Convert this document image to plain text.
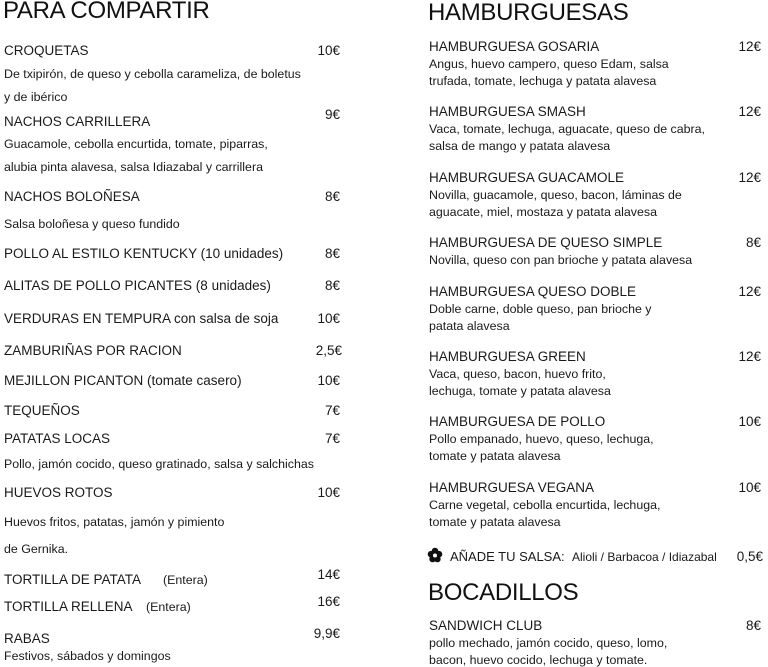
PARA COMPARTIR
CROQUETAS	10€
De txipirón, de queso y cebolla carameliza, de boletus
y de ibérico
NACHOS CARRILLERA	9€
Guacamole, cebolla encurtida, tomate, piparras,
alubia pinta alavesa, salsa Idiazabal y carrillera
NACHOS BOLOÑESA	8€
Salsa boloñesa y queso fundido
POLLO AL ESTILO KENTUCKY (10 unidades)	8€
ALITAS DE POLLO PICANTES (8 unidades)	8€
VERDURAS EN TEMPURA con salsa de soja	10€
ZAMBURIÑAS POR RACION	2,5€
MEJILLON PICANTON (tomate casero)	10€
TEQUEÑOS	7€
PATATAS LOCAS	7€
Pollo, jamón cocido, queso gratinado, salsa y salchichas
HUEVOS ROTOS	10€
Huevos fritos, patatas, jamón y pimiento
de Gernika.
TORTILLA DE PATATA (Entera)	14€
TORTILLA RELLENA (Entera)	16€
RABAS	9,9€
Festivos, sábados y domingos
HAMBURGUESAS
HAMBURGUESA GOSARIA	12€
Angus, huevo campero, queso Edam, salsa
trufada, tomate, lechuga y patata alavesa
HAMBURGUESA SMASH	12€
Vaca, tomate, lechuga, aguacate, queso de cabra,
salsa de mango y patata alavesa
HAMBURGUESA GUACAMOLE	12€
Novilla, guacamole, queso, bacon, láminas de
aguacate, miel, mostaza y patata alavesa
HAMBURGUESA DE QUESO SIMPLE	8€
Novilla, queso con pan brioche y patata alavesa
HAMBURGUESA QUESO DOBLE	12€
Doble carne, doble queso, pan brioche y
patata alavesa
HAMBURGUESA GREEN	12€
Vaca, queso, bacon, huevo frito,
lechuga, tomate y patata alavesa
HAMBURGUESA DE POLLO	10€
Pollo empanado, huevo, queso, lechuga,
tomate y patata alavesa
HAMBURGUESA VEGANA	10€
Carne vegetal, cebolla encurtida, lechuga,
tomate y patata alavesa
AÑADE TU SALSA: Alioli / Barbacoa / Idiazabal	0,5€
BOCADILLOS
SANDWICH CLUB	8€
pollo mechado, jamón cocido, queso, lomo,
bacon, huevo cocido, lechuga y tomate.
